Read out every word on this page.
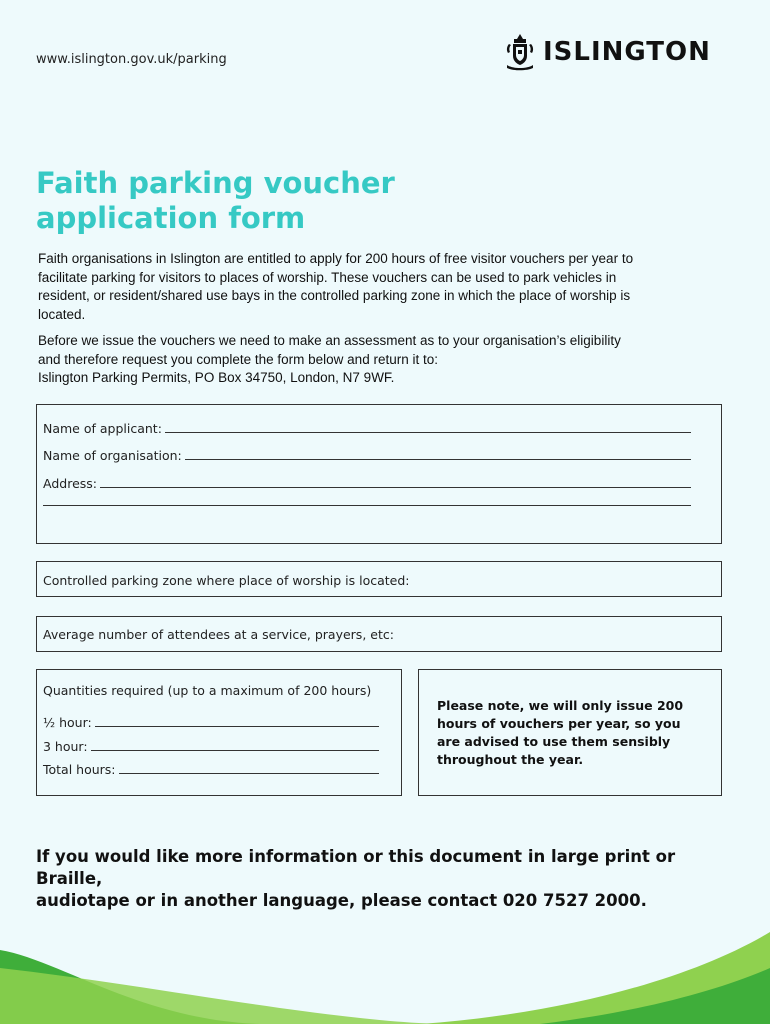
www.islington.gov.uk/parking	ISLINGTON
Faith parking voucher
application form

Faith organisations in Islington are entitled to apply for 200 hours of free visitor vouchers per year to
facilitate parking for visitors to places of worship. These vouchers can be used to park vehicles in
resident, or resident/shared use bays in the controlled parking zone in which the place of worship is
located.

Before we issue the vouchers we need to make an assessment as to your organisation’s eligibility
and therefore request you complete the form below and return it to:
Islington Parking Permits, PO Box 34750, London, N7 9WF.

Name of applicant:
Name of organisation:
Address:
Controlled parking zone where place of worship is located:
Average number of attendees at a service, prayers, etc:
Quantities required (up to a maximum of 200 hours)
½ hour:
3 hour:
Total hours:
Please note, we will only issue 200
hours of vouchers per year, so you
are advised to use them sensibly
throughout the year.
If you would like more information or this document in large print or Braille,
audiotape or in another language, please contact 020 7527 2000.
